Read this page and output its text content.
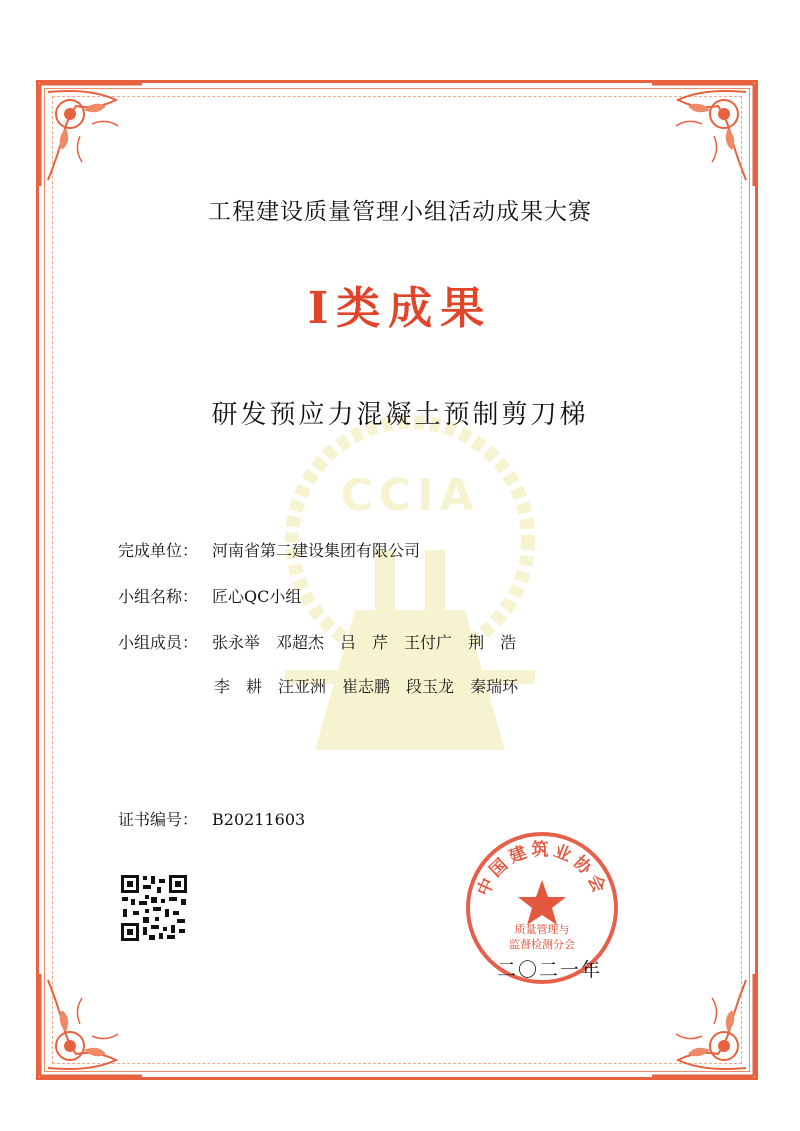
CCIA
工程建设质量管理小组活动成果大赛
Ⅰ类成果
研发预应力混凝土预制剪刀梯
完成单位： 河南省第二建设集团有限公司
小组名称： 匠心QC小组
小组成员： 张永举 邓超杰 吕　芹 王付广 荆　浩
李　耕 汪亚洲 崔志鹏 段玉龙 秦瑞环
证书编号： B20211603
中国建筑业协会
质量管理与
监督检测分会
二〇二一年
